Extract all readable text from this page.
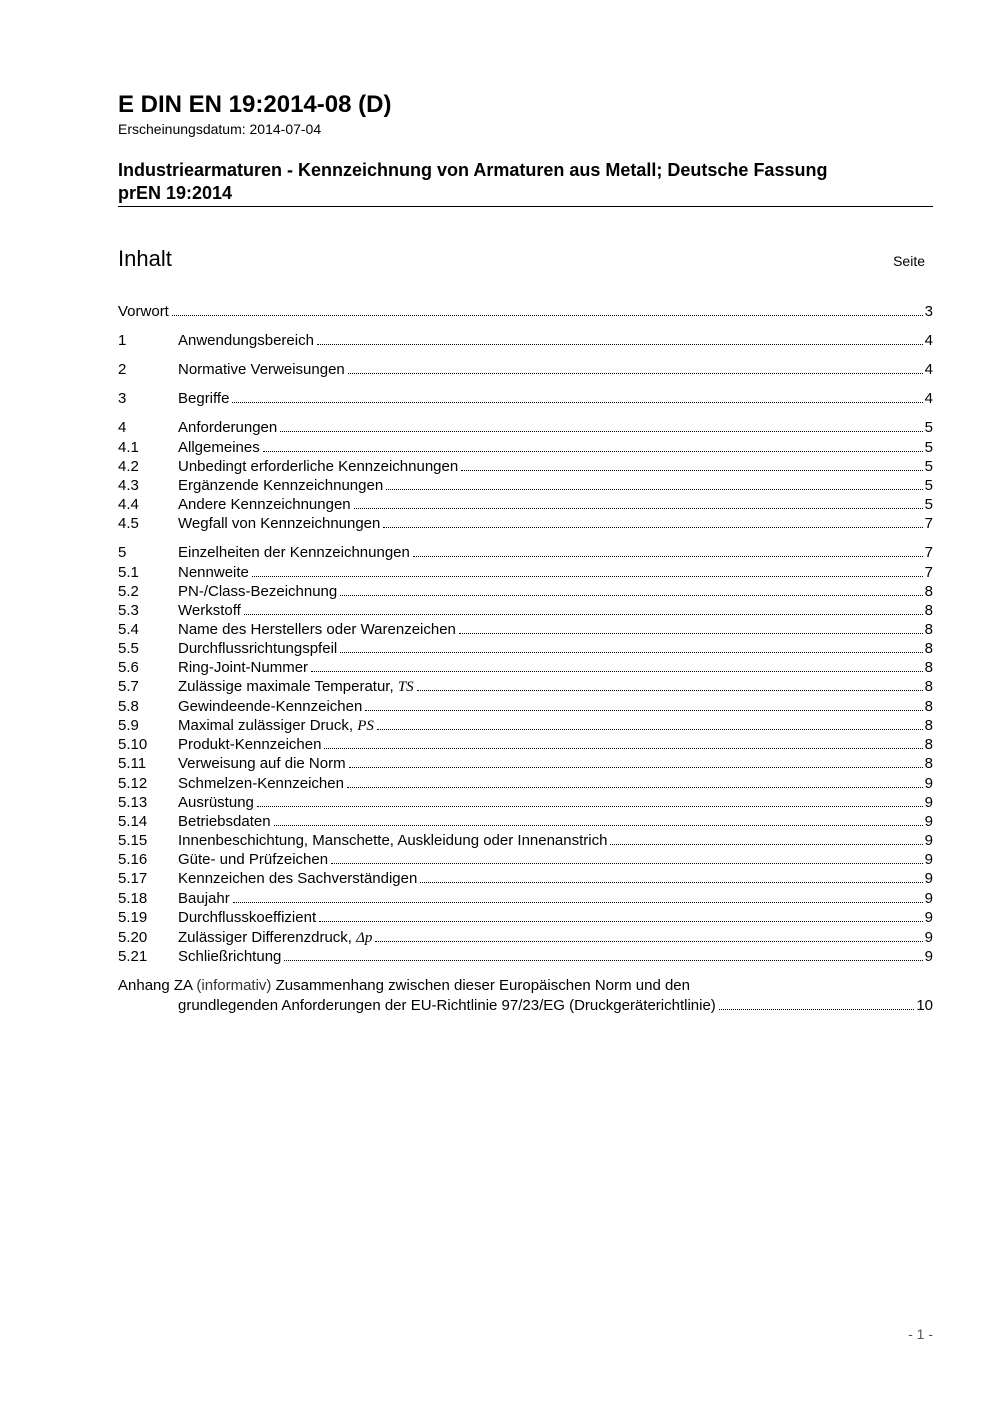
E DIN EN 19:2014-08 (D)
Erscheinungsdatum: 2014-07-04
Industriearmaturen - Kennzeichnung von Armaturen aus Metall; Deutsche Fassung
prEN 19:2014
Inhalt	Seite
Vorwort	3
1	Anwendungsbereich	4
2	Normative Verweisungen	4
3	Begriffe	4
4	Anforderungen	5
4.1	Allgemeines	5
4.2	Unbedingt erforderliche Kennzeichnungen	5
4.3	Ergänzende Kennzeichnungen	5
4.4	Andere Kennzeichnungen	5
4.5	Wegfall von Kennzeichnungen	7
5	Einzelheiten der Kennzeichnungen	7
5.1	Nennweite	7
5.2	PN-/Class-Bezeichnung	8
5.3	Werkstoff	8
5.4	Name des Herstellers oder Warenzeichen	8
5.5	Durchflussrichtungspfeil	8
5.6	Ring-Joint-Nummer	8
5.7	Zulässige maximale Temperatur, TS	8
5.8	Gewindeende-Kennzeichen	8
5.9	Maximal zulässiger Druck, PS	8
5.10	Produkt-Kennzeichen	8
5.11	Verweisung auf die Norm	8
5.12	Schmelzen-Kennzeichen	9
5.13	Ausrüstung	9
5.14	Betriebsdaten	9
5.15	Innenbeschichtung, Manschette, Auskleidung oder Innenanstrich	9
5.16	Güte- und Prüfzeichen	9
5.17	Kennzeichen des Sachverständigen	9
5.18	Baujahr	9
5.19	Durchflusskoeffizient	9
5.20	Zulässiger Differenzdruck, Δp	9
5.21	Schließrichtung	9
Anhang ZA (informativ) Zusammenhang zwischen dieser Europäischen Norm und den
grundlegenden Anforderungen der EU-Richtlinie 97/23/EG (Druckgeräterichtlinie)	10
- 1 -
